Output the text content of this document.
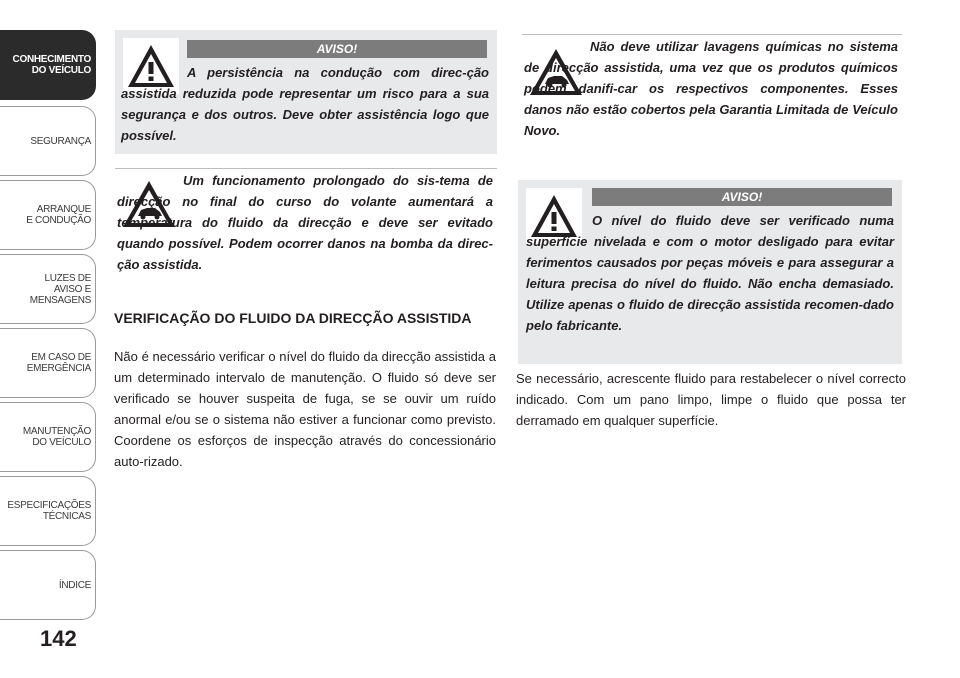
CONHECIMENTO
DO VEÍCULO
SEGURANÇA
ARRANQUE
E CONDUÇÃO
LUZES DE
AVISO E
MENSAGENS
EM CASO DE
EMERGÊNCIA
MANUTENÇÃO
DO VEÍCULO
ESPECIFICAÇÕES
TÉCNICAS
ÍNDICE
142
AVISO!
A persistência na condução com direc-ção assistida reduzida pode representar um risco para a sua segurança e dos outros. Deve obter assistência logo que possível.
Um funcionamento prolongado do sis-tema de direcção no final do curso do volante aumentará a temperatura do fluido da direcção e deve ser evitado quando possível. Podem ocorrer danos na bomba da direc-ção assistida.
VERIFICAÇÃO DO FLUIDO DA DIRECÇÃO ASSISTIDA
Não é necessário verificar o nível do fluido da direcção assistida a um determinado intervalo de manutenção. O fluido só deve ser verificado se houver suspeita de fuga, se se ouvir um ruído anormal e/ou se o sistema não estiver a funcionar como previsto. Coordene os esforços de inspecção através do concessionário auto-rizado.
Não deve utilizar lavagens químicas no sistema de direcção assistida, uma vez que os produtos químicos podem danifi-car os respectivos componentes. Esses danos não estão cobertos pela Garantia Limitada de Veículo Novo.
AVISO!
O nível do fluido deve ser verificado numa superfície nivelada e com o motor desligado para evitar ferimentos causados por peças móveis e para assegurar a leitura precisa do nível do fluido. Não encha demasiado. Utilize apenas o fluido de direcção assistida recomen-dado pelo fabricante.
Se necessário, acrescente fluido para restabelecer o nível correcto indicado. Com um pano limpo, limpe o fluido que possa ter derramado em qualquer superfície.
